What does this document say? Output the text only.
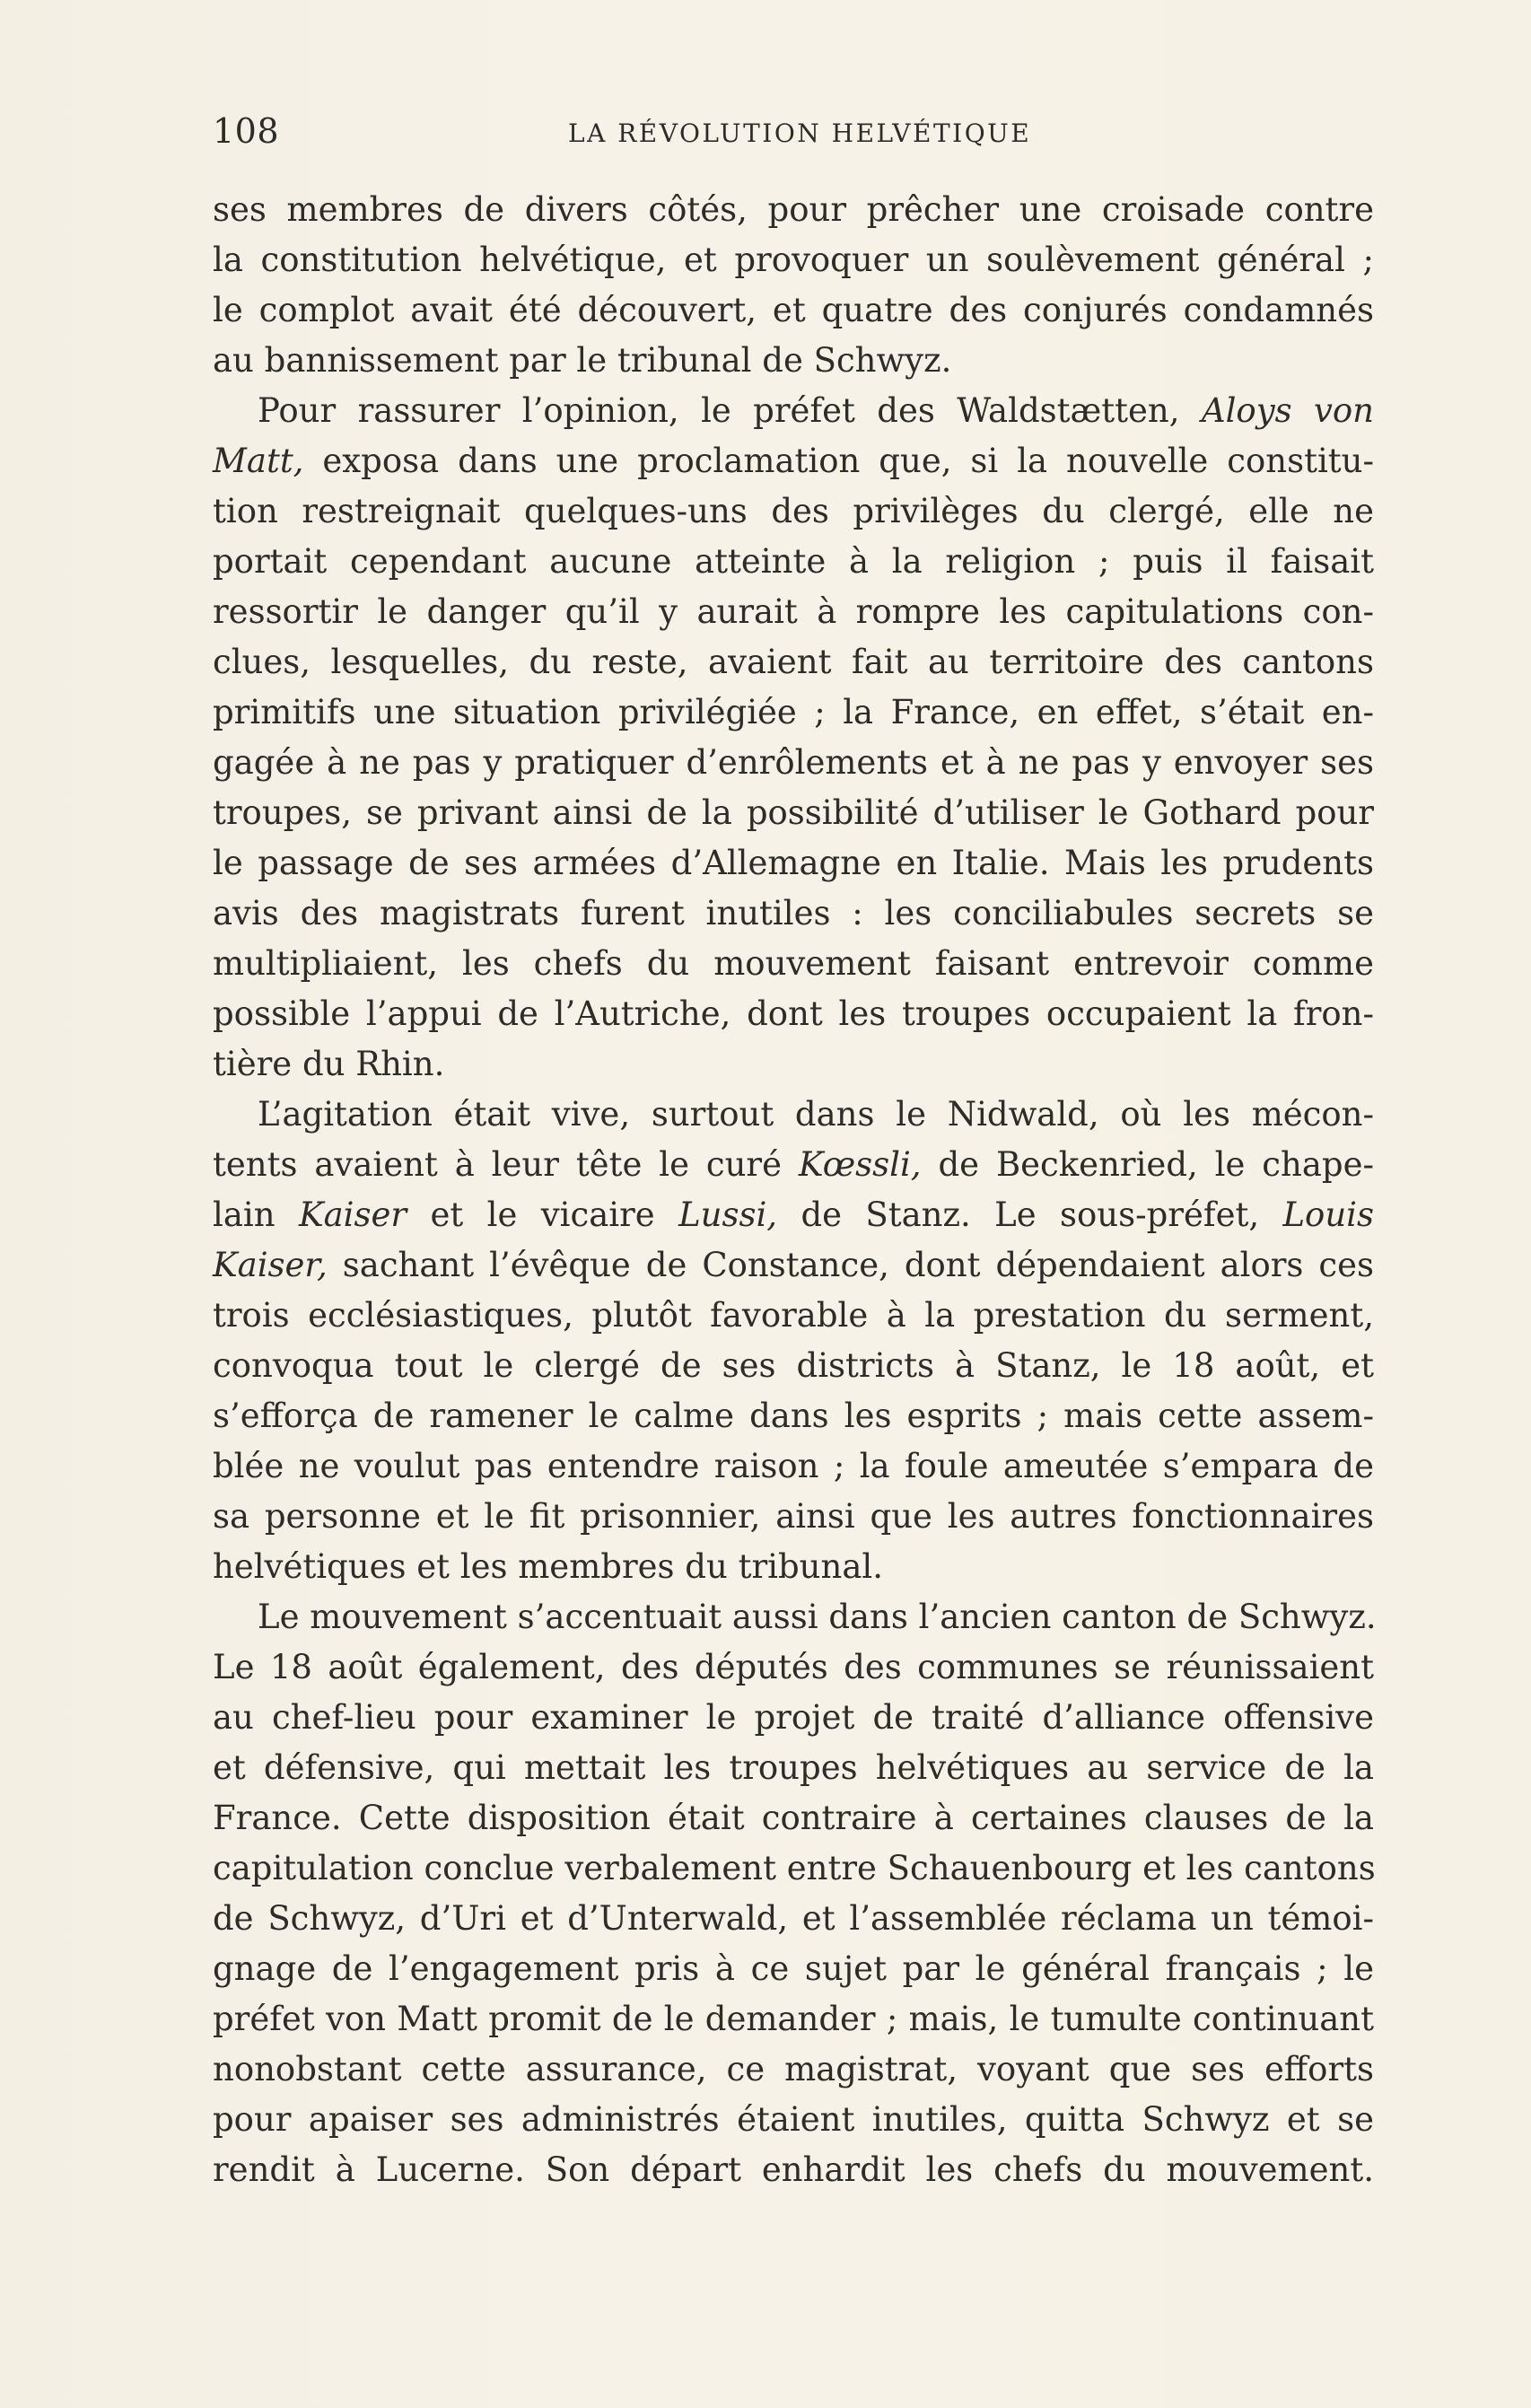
108	LA RÉVOLUTION HELVÉTIQUE
ses membres de divers côtés, pour prêcher une croisade contre
la constitution helvétique, et provoquer un soulèvement général ;
le complot avait été découvert, et quatre des conjurés condamnés
au bannissement par le tribunal de Schwyz.
Pour rassurer l’opinion, le préfet des Waldstætten, Aloys von
Matt, exposa dans une proclamation que, si la nouvelle constitu-
tion restreignait quelques-uns des privilèges du clergé, elle ne
portait cependant aucune atteinte à la religion ; puis il faisait
ressortir le danger qu’il y aurait à rompre les capitulations con-
clues, lesquelles, du reste, avaient fait au territoire des cantons
primitifs une situation privilégiée ; la France, en effet, s’était en-
gagée à ne pas y pratiquer d’enrôlements et à ne pas y envoyer ses
troupes, se privant ainsi de la possibilité d’utiliser le Gothard pour
le passage de ses armées d’Allemagne en Italie. Mais les prudents
avis des magistrats furent inutiles : les conciliabules secrets se
multipliaient, les chefs du mouvement faisant entrevoir comme
possible l’appui de l’Autriche, dont les troupes occupaient la fron-
tière du Rhin.
L’agitation était vive, surtout dans le Nidwald, où les mécon-
tents avaient à leur tête le curé Kœssli, de Beckenried, le chape-
lain Kaiser et le vicaire Lussi, de Stanz. Le sous-préfet, Louis
Kaiser, sachant l’évêque de Constance, dont dépendaient alors ces
trois ecclésiastiques, plutôt favorable à la prestation du serment,
convoqua tout le clergé de ses districts à Stanz, le 18 août, et
s’efforça de ramener le calme dans les esprits ; mais cette assem-
blée ne voulut pas entendre raison ; la foule ameutée s’empara de
sa personne et le fit prisonnier, ainsi que les autres fonctionnaires
helvétiques et les membres du tribunal.
Le mouvement s’accentuait aussi dans l’ancien canton de Schwyz.
Le 18 août également, des députés des communes se réunissaient
au chef-lieu pour examiner le projet de traité d’alliance offensive
et défensive, qui mettait les troupes helvétiques au service de la
France. Cette disposition était contraire à certaines clauses de la
capitulation conclue verbalement entre Schauenbourg et les cantons
de Schwyz, d’Uri et d’Unterwald, et l’assemblée réclama un témoi-
gnage de l’engagement pris à ce sujet par le général français ; le
préfet von Matt promit de le demander ; mais, le tumulte continuant
nonobstant cette assurance, ce magistrat, voyant que ses efforts
pour apaiser ses administrés étaient inutiles, quitta Schwyz et se
rendit à Lucerne. Son départ enhardit les chefs du mouvement.
